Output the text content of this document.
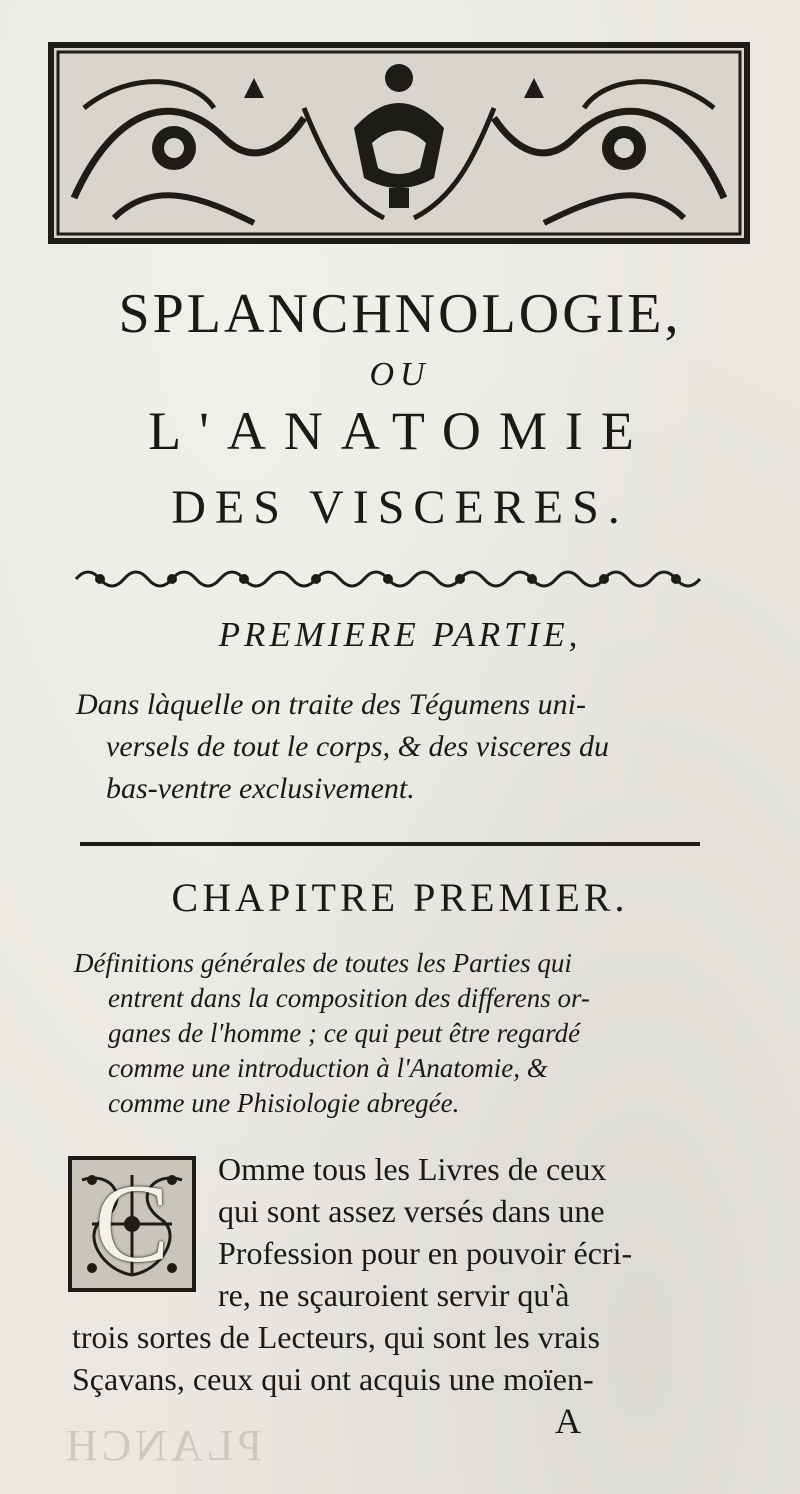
SPLANCHNOLOGIE,
OU
L'ANATOMIE
DES VISCERES.
PREMIERE PARTIE,
Dans làquelle on traite des Tégumens uni-
versels de tout le corps, & des visceres du
bas-ventre exclusivement.
CHAPITRE PREMIER.
Définitions générales de toutes les Parties qui
entrent dans la composition des differens or-
ganes de l'homme ; ce qui peut être regardé
comme une introduction à l'Anatomie, &
comme une Phisiologie abregée.
C	Omme tous les Livres de ceux
qui sont assez versés dans une
Profession pour en pouvoir écri-
re, ne sçauroient servir qu'à
trois sortes de Lecteurs, qui sont les vrais
Sçavans, ceux qui ont acquis une moïen-
A
PLANCH
